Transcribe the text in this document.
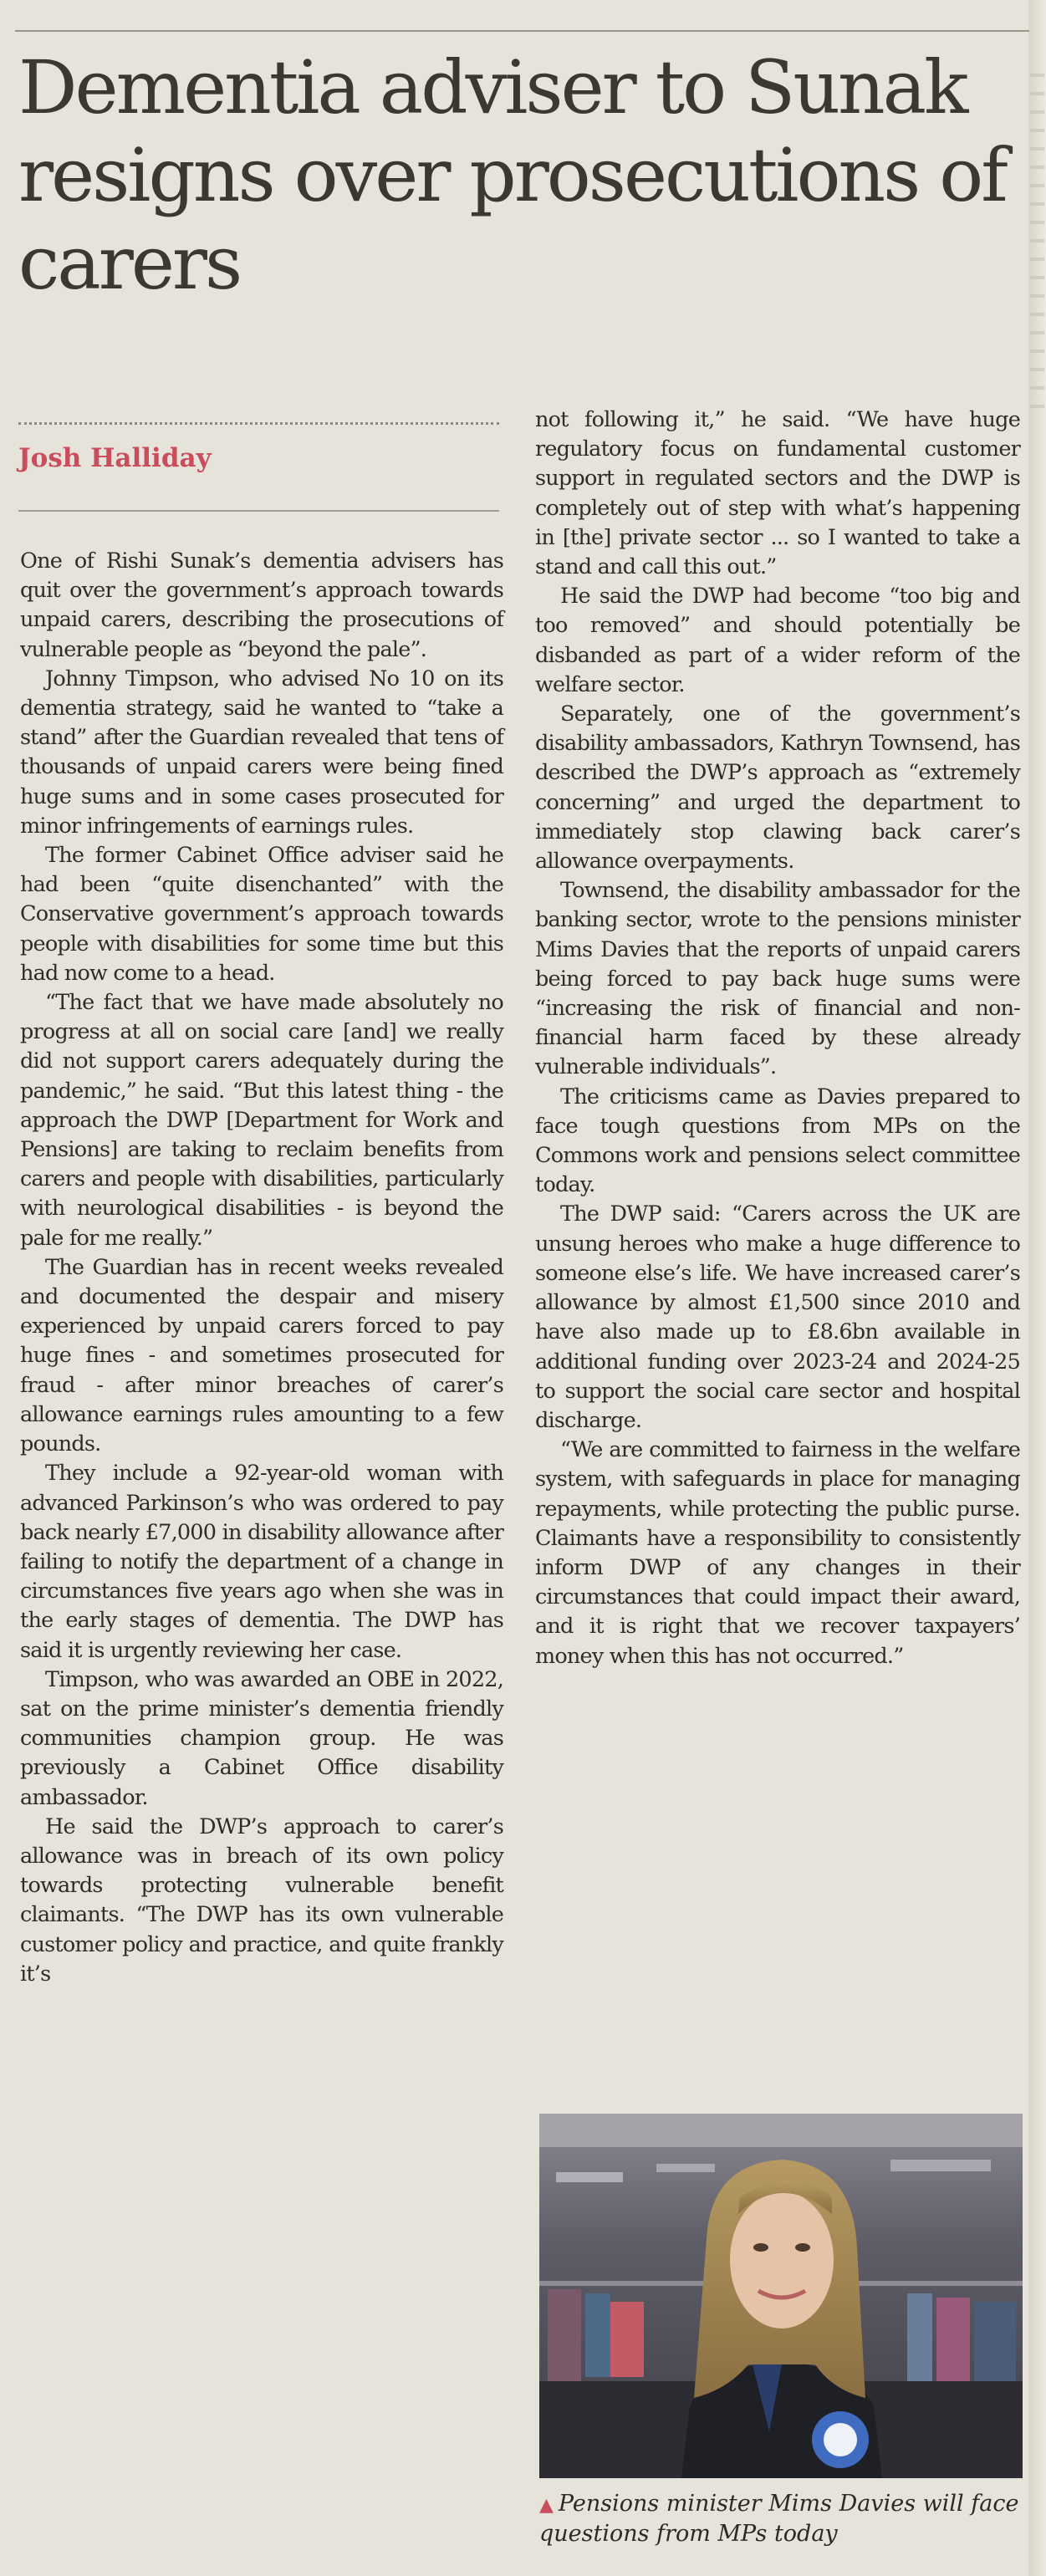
Dementia adviser to Sunak resigns over prosecutions of carers

Josh Halliday

One of Rishi Sunak’s dementia advisers has quit over the government’s approach towards unpaid carers, describing the prosecutions of vulnerable people as “beyond the pale”.

Johnny Timpson, who advised No 10 on its dementia strategy, said he wanted to “take a stand” after the Guardian revealed that tens of thousands of unpaid carers were being fined huge sums and in some cases prosecuted for minor infringements of earnings rules.

The former Cabinet Office adviser said he had been “quite disenchanted” with the Conservative government’s approach towards people with disabilities for some time but this had now come to a head.

“The fact that we have made absolutely no progress at all on social care [and] we really did not support carers adequately during the pandemic,” he said. “But this latest thing - the approach the DWP [Department for Work and Pensions] are taking to reclaim benefits from carers and people with disabilities, particularly with neurological disabilities - is beyond the pale for me really.”

The Guardian has in recent weeks revealed and documented the despair and misery experienced by unpaid carers forced to pay huge fines - and sometimes prosecuted for fraud - after minor breaches of carer’s allowance earnings rules amounting to a few pounds.

They include a 92-year-old woman with advanced Parkinson’s who was ordered to pay back nearly £7,000 in disability allowance after failing to notify the department of a change in circumstances five years ago when she was in the early stages of dementia. The DWP has said it is urgently reviewing her case.

Timpson, who was awarded an OBE in 2022, sat on the prime minister’s dementia friendly communities champion group. He was previously a Cabinet Office disability ambassador.

He said the DWP’s approach to carer’s allowance was in breach of its own policy towards protecting vulnerable benefit claimants. “The DWP has its own vulnerable customer policy and practice, and quite frankly it’s

not following it,” he said. “We have huge regulatory focus on fundamental customer support in regulated sectors and the DWP is completely out of step with what’s happening in [the] private sector ... so I wanted to take a stand and call this out.”

He said the DWP had become “too big and too removed” and should potentially be disbanded as part of a wider reform of the welfare sector.

Separately, one of the government’s disability ambassadors, Kathryn Townsend, has described the DWP’s approach as “extremely concerning” and urged the department to immediately stop clawing back carer’s allowance overpayments.

Townsend, the disability ambassador for the banking sector, wrote to the pensions minister Mims Davies that the reports of unpaid carers being forced to pay back huge sums were “increasing the risk of financial and non-financial harm faced by these already vulnerable individuals”.

The criticisms came as Davies prepared to face tough questions from MPs on the Commons work and pensions select committee today.

The DWP said: “Carers across the UK are unsung heroes who make a huge difference to someone else’s life. We have increased carer’s allowance by almost £1,500 since 2010 and have also made up to £8.6bn available in additional funding over 2023-24 and 2024-25 to support the social care sector and hospital discharge.

“We are committed to fairness in the welfare system, with safeguards in place for managing repayments, while protecting the public purse. Claimants have a responsibility to consistently inform DWP of any changes in their circumstances that could impact their award, and it is right that we recover taxpayers’ money when this has not occurred.”

▲ Pensions minister Mims Davies will face questions from MPs today
